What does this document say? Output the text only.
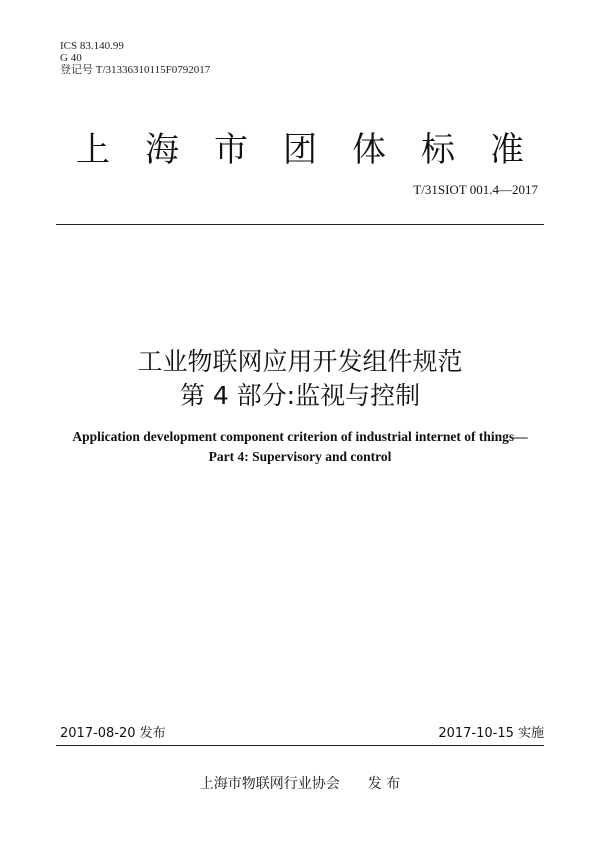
ICS 83.140.99
G 40
登记号 T/31336310115F0792017
上海市团体标准
T/31SIOT 001.4—2017
工业物联网应用开发组件规范
第 4 部分:监视与控制
Application development component criterion of industrial internet of things—
Part 4: Supervisory and control
2017-08-20 发布	2017-10-15 实施
上海市物联网行业协会 发 布
